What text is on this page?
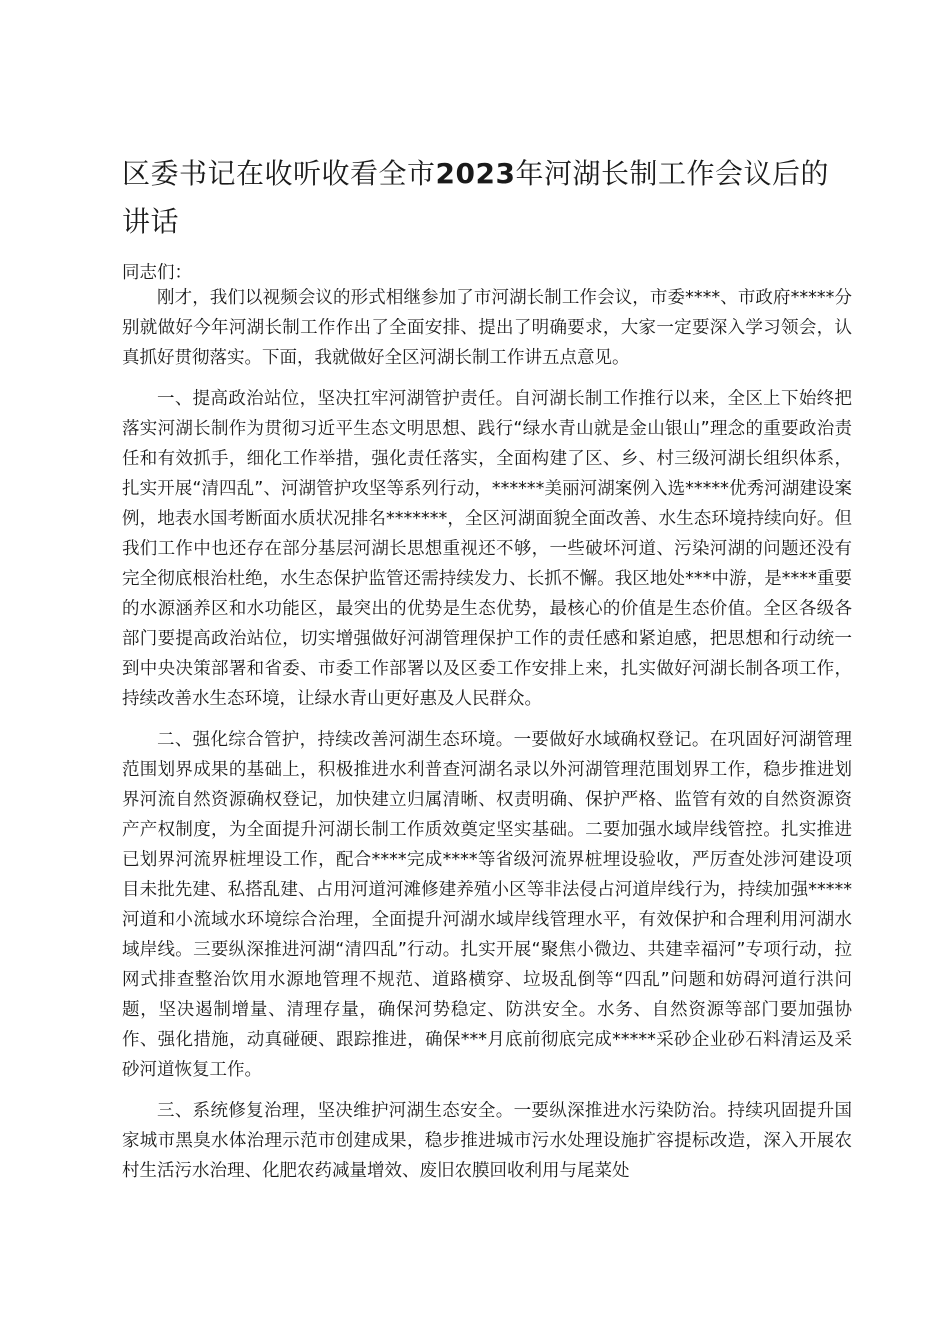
区委书记在收听收看全市2023年河湖长制工作会议后的讲话

同志们：

刚才，我们以视频会议的形式相继参加了市河湖长制工作会议，市委****、市政府*****分别就做好今年河湖长制工作作出了全面安排、提出了明确要求，大家一定要深入学习领会，认真抓好贯彻落实。下面，我就做好全区河湖长制工作讲五点意见。

一、提高政治站位，坚决扛牢河湖管护责任。自河湖长制工作推行以来，全区上下始终把落实河湖长制作为贯彻习近平生态文明思想、践行“绿水青山就是金山银山”理念的重要政治责任和有效抓手，细化工作举措，强化责任落实，全面构建了区、乡、村三级河湖长组织体系，扎实开展“清四乱”、河湖管护攻坚等系列行动，******美丽河湖案例入选*****优秀河湖建设案例，地表水国考断面水质状况排名*******，全区河湖面貌全面改善、水生态环境持续向好。但我们工作中也还存在部分基层河湖长思想重视还不够，一些破坏河道、污染河湖的问题还没有完全彻底根治杜绝，水生态保护监管还需持续发力、长抓不懈。我区地处***中游，是****重要的水源涵养区和水功能区，最突出的优势是生态优势，最核心的价值是生态价值。全区各级各部门要提高政治站位，切实增强做好河湖管理保护工作的责任感和紧迫感，把思想和行动统一到中央决策部署和省委、市委工作部署以及区委工作安排上来，扎实做好河湖长制各项工作，持续改善水生态环境，让绿水青山更好惠及人民群众。

二、强化综合管护，持续改善河湖生态环境。一要做好水域确权登记。在巩固好河湖管理范围划界成果的基础上，积极推进水利普查河湖名录以外河湖管理范围划界工作，稳步推进划界河流自然资源确权登记，加快建立归属清晰、权责明确、保护严格、监管有效的自然资源资产产权制度，为全面提升河湖长制工作质效奠定坚实基础。二要加强水域岸线管控。扎实推进已划界河流界桩埋设工作，配合****完成****等省级河流界桩埋设验收，严厉查处涉河建设项目未批先建、私搭乱建、占用河道河滩修建养殖小区等非法侵占河道岸线行为，持续加强*****河道和小流域水环境综合治理，全面提升河湖水域岸线管理水平，有效保护和合理利用河湖水域岸线。三要纵深推进河湖“清四乱”行动。扎实开展“聚焦小微边、共建幸福河”专项行动，拉网式排查整治饮用水源地管理不规范、道路横穿、垃圾乱倒等“四乱”问题和妨碍河道行洪问题，坚决遏制增量、清理存量，确保河势稳定、防洪安全。水务、自然资源等部门要加强协作、强化措施，动真碰硬、跟踪推进，确保***月底前彻底完成*****采砂企业砂石料清运及采砂河道恢复工作。

三、系统修复治理，坚决维护河湖生态安全。一要纵深推进水污染防治。持续巩固提升国家城市黑臭水体治理示范市创建成果，稳步推进城市污水处理设施扩容提标改造，深入开展农村生活污水治理、化肥农药减量增效、废旧农膜回收利用与尾菜处
